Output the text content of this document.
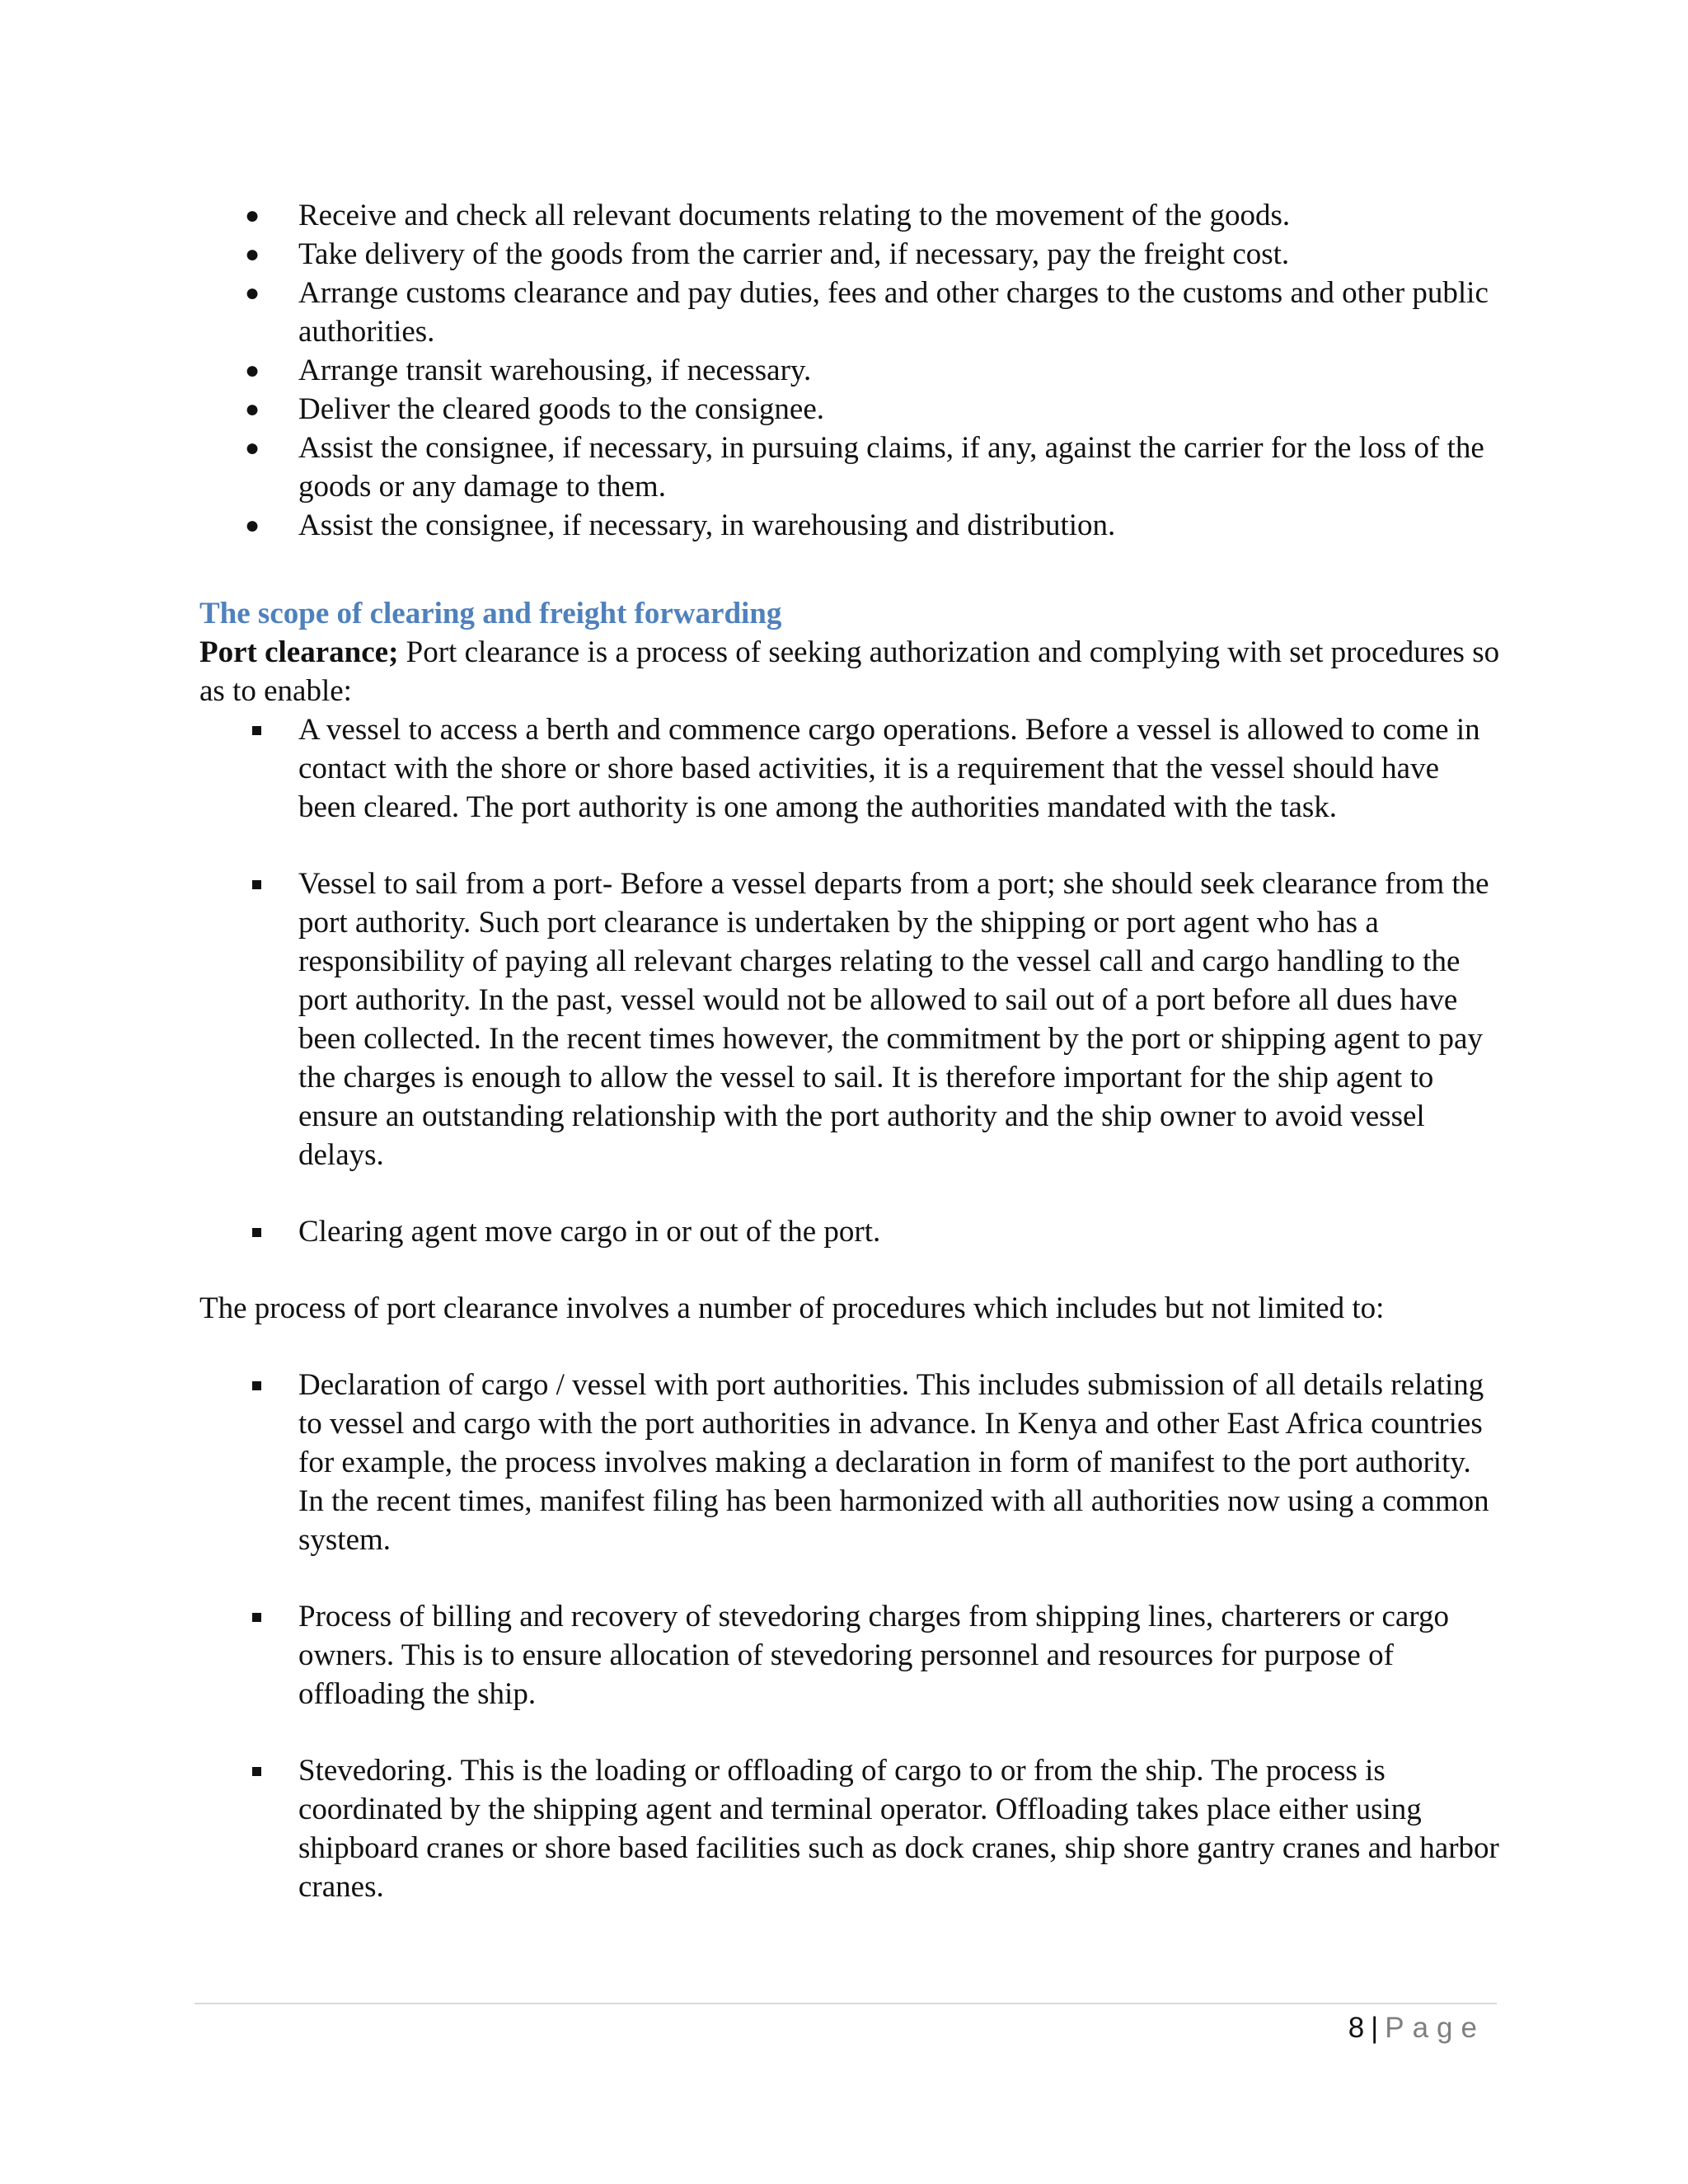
● Receive and check all relevant documents relating to the movement of the goods.
● Take delivery of the goods from the carrier and, if necessary, pay the freight cost.
● Arrange customs clearance and pay duties, fees and other charges to the customs and other public authorities.
● Arrange transit warehousing, if necessary.
● Deliver the cleared goods to the consignee.
● Assist the consignee, if necessary, in pursuing claims, if any, against the carrier for the loss of the goods or any damage to them.
● Assist the consignee, if necessary, in warehousing and distribution.
The scope of clearing and freight forwarding

Port clearance; Port clearance is a process of seeking authorization and complying with set procedures so as to enable:

A vessel to access a berth and commence cargo operations. Before a vessel is allowed to come in contact with the shore or shore based activities, it is a requirement that the vessel should have been cleared. The port authority is one among the authorities mandated with the task.
Vessel to sail from a port- Before a vessel departs from a port; she should seek clearance from the port authority. Such port clearance is undertaken by the shipping or port agent who has a responsibility of paying all relevant charges relating to the vessel call and cargo handling to the port authority. In the past, vessel would not be allowed to sail out of a port before all dues have been collected. In the recent times however, the commitment by the port or shipping agent to pay the charges is enough to allow the vessel to sail. It is therefore important for the ship agent to ensure an outstanding relationship with the port authority and the ship owner to avoid vessel delays.
Clearing agent move cargo in or out of the port.

The process of port clearance involves a number of procedures which includes but not limited to:

Declaration of cargo / vessel with port authorities. This includes submission of all details relating to vessel and cargo with the port authorities in advance. In Kenya and other East Africa countries for example, the process involves making a declaration in form of manifest to the port authority. In the recent times, manifest filing has been harmonized with all authorities now using a common system.
Process of billing and recovery of stevedoring charges from shipping lines, charterers or cargo owners. This is to ensure allocation of stevedoring personnel and resources for purpose of offloading the ship.
Stevedoring. This is the loading or offloading of cargo to or from the ship. The process is coordinated by the shipping agent and terminal operator. Offloading takes place either using shipboard cranes or shore based facilities such as dock cranes, ship shore gantry cranes and harbor cranes.
8 | Page
